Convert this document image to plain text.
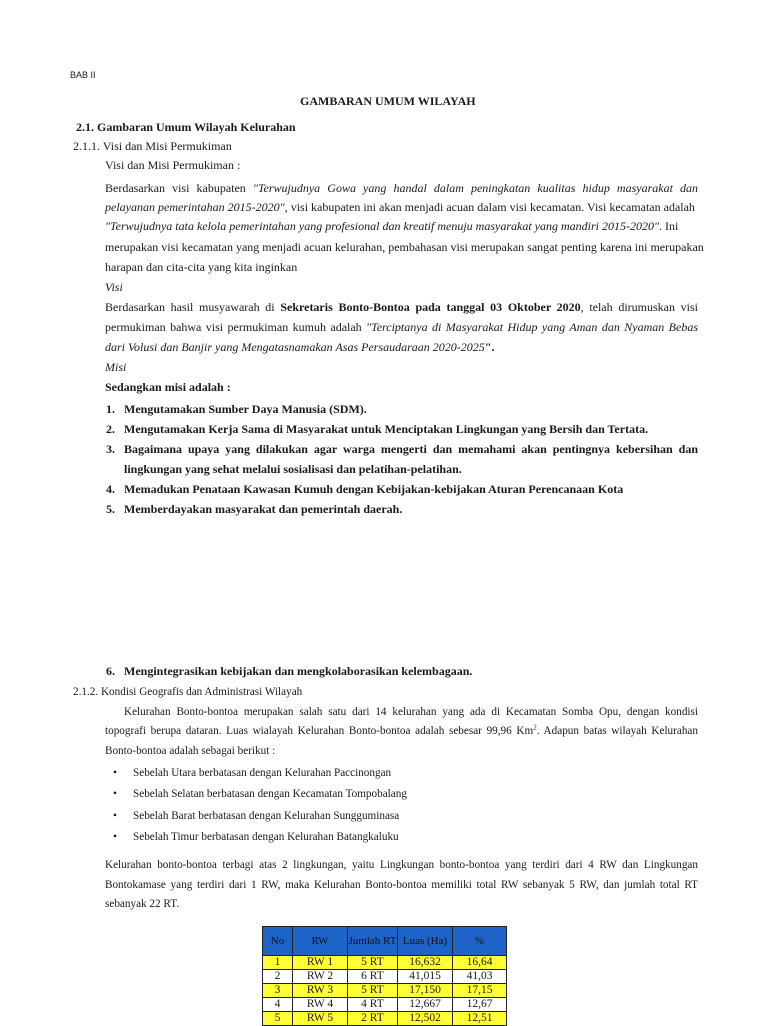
BAB II
GAMBARAN UMUM WILAYAH
2.1. Gambaran Umum Wilayah Kelurahan
2.1.1. Visi dan Misi Permukiman
Visi dan Misi Permukiman :
Berdasarkan visi kabupaten "Terwujudnya Gowa yang handal dalam peningkatan kualitas hidup masyarakat dan
pelayanan pemerintahan 2015-2020", visi kabupaten ini akan menjadi acuan dalam visi kecamatan. Visi kecamatan adalah
"Terwujudnya tata kelola pemerintahan yang profesional dan kreatif menuju masyarakat yang mandiri 2015-2020". Ini
merupakan visi kecamatan yang menjadi acuan kelurahan, pembahasan visi merupakan sangat penting karena ini merupakan
harapan dan cita-cita yang kita inginkan
Visi
Berdasarkan hasil musyawarah di Sekretaris Bonto-Bontoa pada tanggal 03 Oktober 2020, telah dirumuskan visi
permukiman bahwa visi permukiman kumuh adalah "Terciptanya di Masyarakat Hidup yang Aman dan Nyaman Bebas
dari Volusi dan Banjir yang Mengatasnamakan Asas Persaudaraan 2020-2025".
Misi
Sedangkan misi adalah :
1. Mengutamakan Sumber Daya Manusia (SDM).
2. Mengutamakan Kerja Sama di Masyarakat untuk Menciptakan Lingkungan yang Bersih dan Tertata.
3. Bagaimana upaya yang dilakukan agar warga mengerti dan memahami akan pentingnya kebersihan dan
lingkungan yang sehat melalui sosialisasi dan pelatihan-pelatihan.
4. Memadukan Penataan Kawasan Kumuh dengan Kebijakan-kebijakan Aturan Perencanaan Kota
5. Memberdayakan masyarakat dan pemerintah daerah.
6. Mengintegrasikan kebijakan dan mengkolaborasikan kelembagaan.
2.1.2. Kondisi Geografis dan Administrasi Wilayah
Kelurahan Bonto-bontoa merupakan salah satu dari 14 kelurahan yang ada di Kecamatan Somba Opu, dengan kondisi
topografi berupa dataran. Luas wialayah Kelurahan Bonto-bontoa adalah sebesar 99,96 Km$^2$. Adapun batas wilayah Kelurahan
Bonto-bontoa adalah sebagai berikut :
• Sebelah Utara berbatasan dengan Kelurahan Paccinongan
• Sebelah Selatan berbatasan dengan Kecamatan Tompobalang
• Sebelah Barat berbatasan dengan Kelurahan Sungguminasa
• Sebelah Timur berbatasan dengan Kelurahan Batangkaluku
Kelurahan bonto-bontoa terbagi atas 2 lingkungan, yaitu Lingkungan bonto-bontoa yang terdiri dari 4 RW dan Lingkungan
Bontokamase yang terdiri dari 1 RW, maka Kelurahan Bonto-bontoa memiliki total RW sebanyak 5 RW, dan jumlah total RT
sebanyak 22 RT.
No	RW	Jumlah RT	Luas (Ha)	%
1	RW 1	5 RT	16,632	16,64
2	RW 2	6 RT	41,015	41,03
3	RW 3	5 RT	17,150	17,15
4	RW 4	4 RT	12,667	12,67
5	RW 5	2 RT	12,502	12,51
